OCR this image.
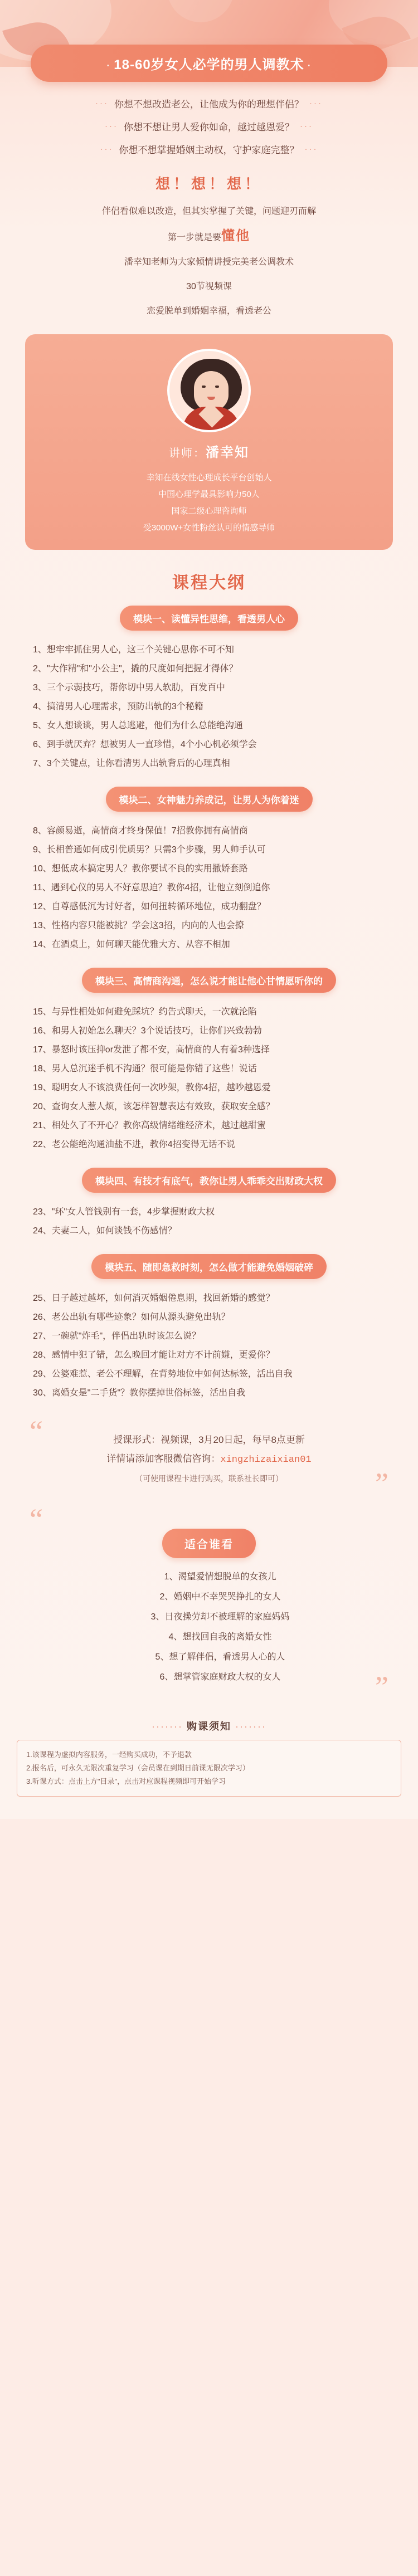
· 18-60岁女人必学的男人调教术 ·
··· 你想不想改造老公，让他成为你的理想伴侣？ ···
··· 你想不想让男人爱你如命，越过越恩爱？ ···
··· 你想不想掌握婚姻主动权，守护家庭完整？ ···
想！想！想！
伴侣看似难以改造，但其实掌握了关键，问题迎刃而解
第一步就是要懂他
潘幸知老师为大家倾情讲授完美老公调教术
30节视频课
恋爱脱单到婚姻幸福，看透老公
讲师：潘幸知
幸知在线女性心理成长平台创始人
中国心理学最具影响力50人
国家二级心理咨询师
受3000W+女性粉丝认可的情感导师
课程大纲
模块一、读懂异性思维，看透男人心
1、想牢牢抓住男人心，这三个关键心思你不可不知
2、"大作精"和"小公主"，撬的尺度如何把握才得体？
3、三个示弱技巧，帮你切中男人软肋，百发百中
4、搞清男人心理需求，预防出轨的3个秘籍
5、女人想谈谈，男人总逃避，他们为什么总能绝沟通
6、到手就厌弃？想被男人一直珍惜，4个小心机必须学会
7、3个关键点，让你看清男人出轨背后的心理真相
模块二、女神魅力养成记，让男人为你着迷
8、容颜易逝，高情商才终身保值！7招教你拥有高情商
9、长相普通如何成引优质男？只需3个步骤，男人帅手认可
10、想低成本搞定男人？教你要试不良的实用撒娇套路
11、遇到心仪的男人不好意思迫？教你4招，让他立刻倒追你
12、自尊感低沉为讨好者，如何扭转循环地位，成功翻盘？
13、性格内容只能被挑？学会这3招，内向的人也会撩
14、在酒桌上，如何聊天能优雅大方、从容不相加
模块三、高情商沟通，怎么说才能让他心甘情愿听你的
15、与异性相处如何避免踩坑？约告式聊天，一次就沦陷
16、和男人初始怎么聊天？3个说话技巧，让你们兴致勃勃
17、暴怒时该压抑or发泄了都不安，高情商的人有着3种选择
18、男人总沉迷手机不沟通？很可能是你错了这些！说话
19、聪明女人不该浪费任何一次吵架，教你4招，越吵越恩爱
20、查询女人惹人烦，该怎样智慧表达有效致，获取安全感？
21、相处久了不开心？教你高级情绪维经济术，越过越甜蜜
22、老公能绝沟通油盐不进，教你4招变得无话不说
模块四、有技才有底气，教你让男人乖乖交出财政大权
23、"环"女人管钱别有一套，4步掌握财政大权
24、夫妻二人，如何谈钱不伤感情？
模块五、随即急救时刻，怎么做才能避免婚姻破碎
25、日子越过越坏，如何消灭婚姻倦息期，找回新婚的感觉？
26、老公出轨有哪些迹象？如何从源头避免出轨？
27、一碗就"炸毛"，伴侣出轨时该怎么说？
28、感情中犯了错，怎么晚回才能让对方不计前嫌，更爱你？
29、公婆难惹、老公不理解，在背势地位中如何达标签，活出自我
30、离婚女是"二手货"？教你摆掉世俗标签，活出自我
“	授课形式：视频课，3月20日起，每早8点更新
详情请添加客服微信咨询：xingzhizaixian01
（可使用课程卡进行购买，联系社长即可）	”
“
适合谁看
1、渴望爱情想脱单的女孩儿
2、婚姻中不幸哭哭挣扎的女人
3、日夜操劳却不被理解的家庭妈妈
4、想找回自我的离婚女性
5、想了解伴侣，看透男人心的人
6、想掌管家庭财政大权的女人	”
······· 购课须知 ·······

1.该课程为虚拟内容服务，一经购买成功，不予退款

2.报名后，可永久无限次重复学习（会员课在到期日前课无限次学习）

3.听课方式：点击上方"目录"，点击对应课程视频即可开始学习
